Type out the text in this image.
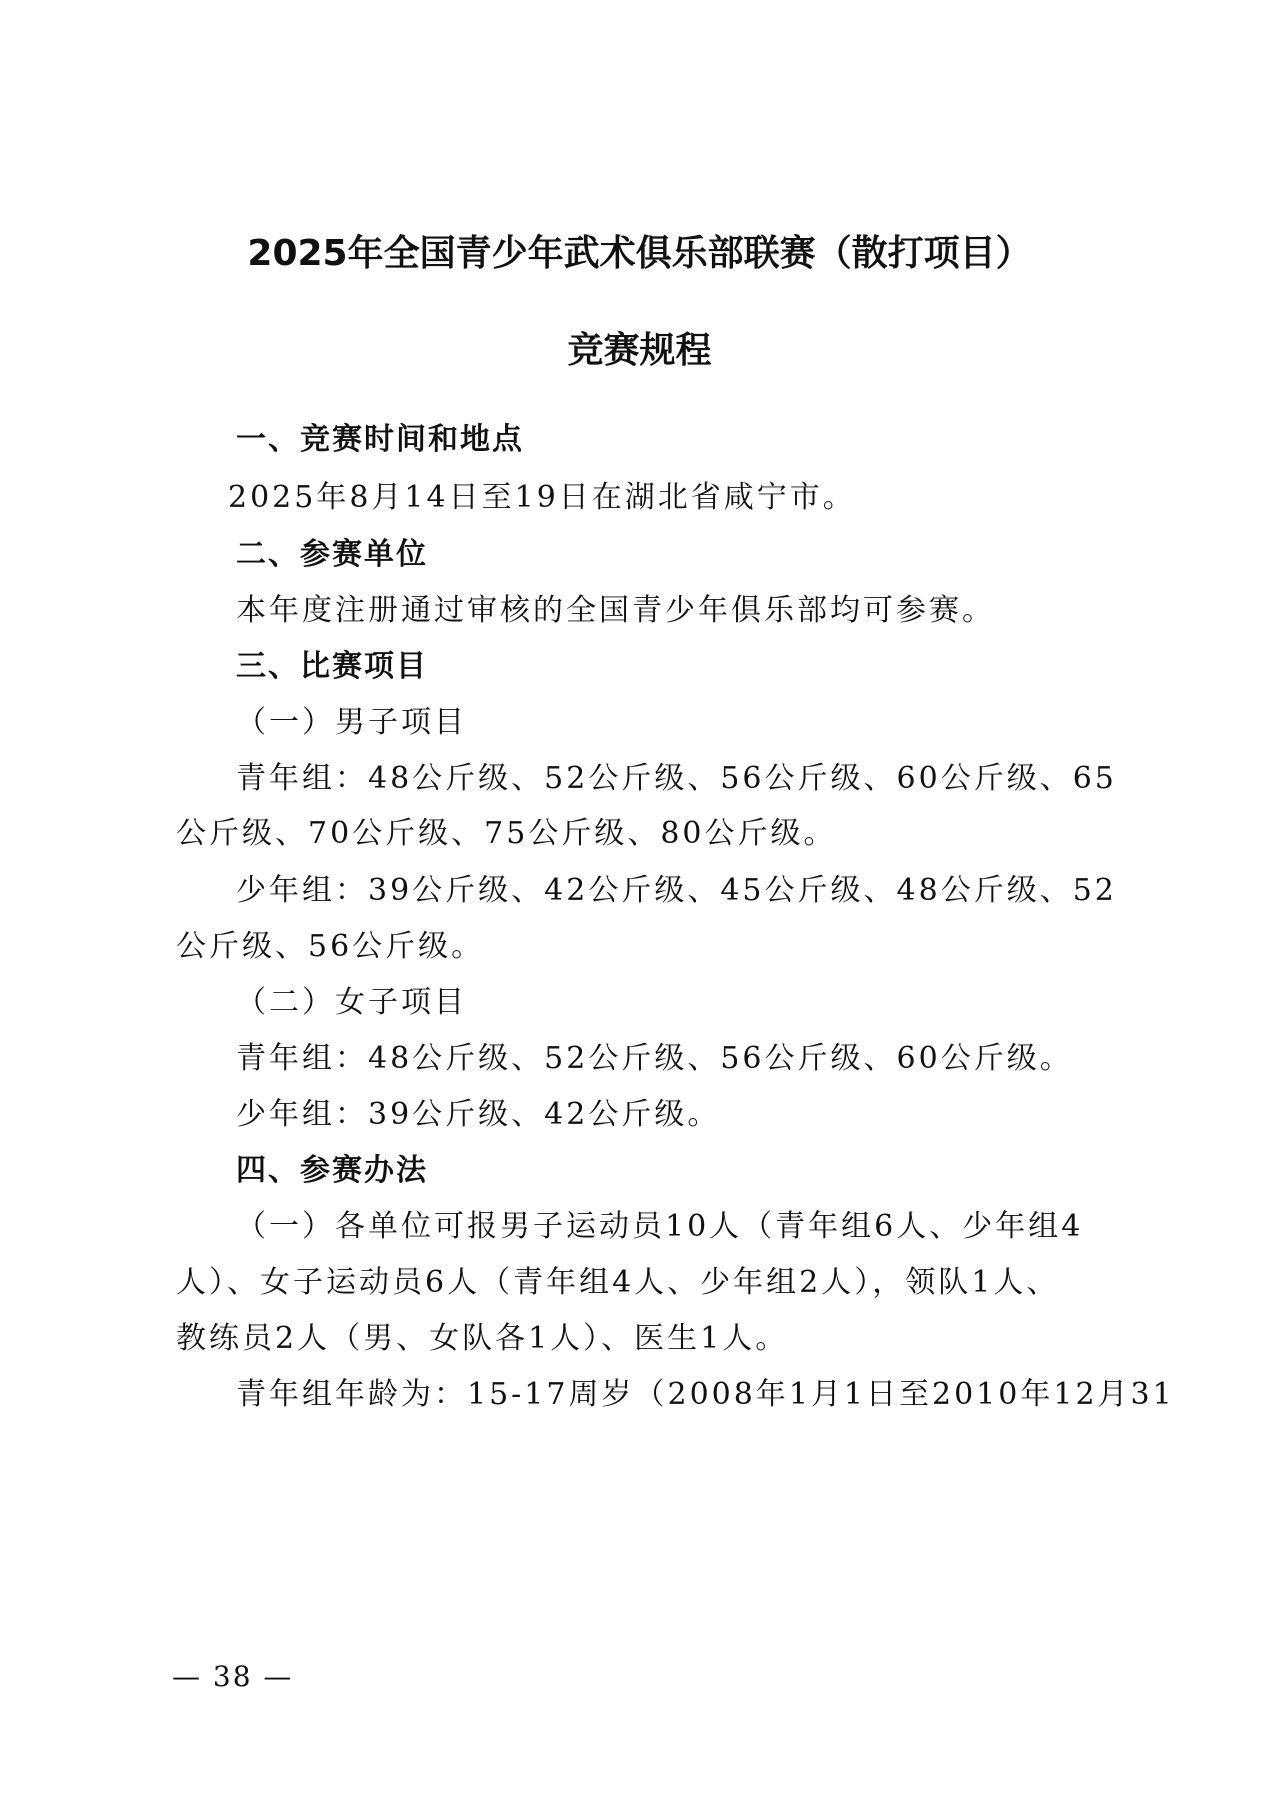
2025年全国青少年武术俱乐部联赛（散打项目）
竞赛规程
一、竞赛时间和地点
2025年8月14日至19日在湖北省咸宁市。
二、参赛单位
本年度注册通过审核的全国青少年俱乐部均可参赛。
三、比赛项目
（一）男子项目
青年组：48公斤级、52公斤级、56公斤级、60公斤级、65
公斤级、70公斤级、75公斤级、80公斤级。
少年组：39公斤级、42公斤级、45公斤级、48公斤级、52
公斤级、56公斤级。
（二）女子项目
青年组：48公斤级、52公斤级、56公斤级、60公斤级。
少年组：39公斤级、42公斤级。
四、参赛办法
（一）各单位可报男子运动员10人（青年组6人、少年组4
人）、女子运动员6人（青年组4人、少年组2人），领队1人、
教练员2人（男、女队各1人）、医生1人。
青年组年龄为：15-17周岁（2008年1月1日至2010年12月31
— 38 —
